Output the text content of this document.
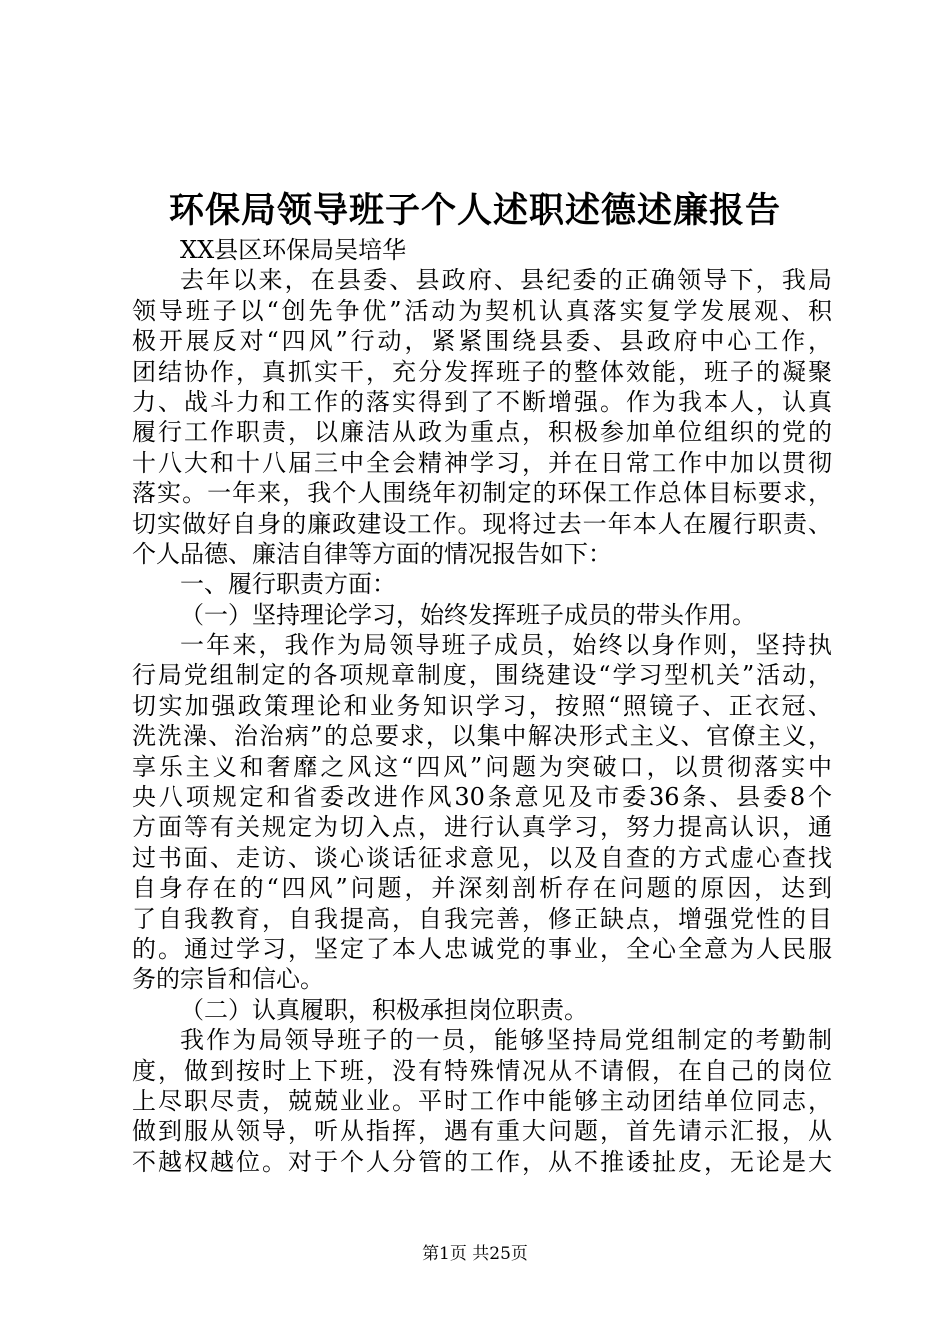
环保局领导班子个人述职述德述廉报告
XX县区环保局吴培华
去年以来，在县委、县政府、县纪委的正确领导下，我局
领导班子以“创先争优”活动为契机认真落实复学发展观、积
极开展反对“四风”行动，紧紧围绕县委、县政府中心工作，
团结协作，真抓实干，充分发挥班子的整体效能，班子的凝聚
力、战斗力和工作的落实得到了不断增强。作为我本人，认真
履行工作职责，以廉洁从政为重点，积极参加单位组织的党的
十八大和十八届三中全会精神学习，并在日常工作中加以贯彻
落实。一年来，我个人围绕年初制定的环保工作总体目标要求，
切实做好自身的廉政建设工作。现将过去一年本人在履行职责、
个人品德、廉洁自律等方面的情况报告如下：
一、履行职责方面：
（一）坚持理论学习，始终发挥班子成员的带头作用。
一年来，我作为局领导班子成员，始终以身作则，坚持执
行局党组制定的各项规章制度，围绕建设“学习型机关”活动，
切实加强政策理论和业务知识学习，按照“照镜子、正衣冠、
洗洗澡、治治病”的总要求，以集中解决形式主义、官僚主义，
享乐主义和奢靡之风这“四风”问题为突破口，以贯彻落实中
央八项规定和省委改进作风30条意见及市委36条、县委8个
方面等有关规定为切入点，进行认真学习，努力提高认识，通
过书面、走访、谈心谈话征求意见，以及自查的方式虚心查找
自身存在的“四风”问题，并深刻剖析存在问题的原因，达到
了自我教育，自我提高，自我完善，修正缺点，增强党性的目
的。通过学习，坚定了本人忠诚党的事业，全心全意为人民服
务的宗旨和信心。
（二）认真履职，积极承担岗位职责。
我作为局领导班子的一员，能够坚持局党组制定的考勤制
度，做到按时上下班，没有特殊情况从不请假，在自己的岗位
上尽职尽责，兢兢业业。平时工作中能够主动团结单位同志，
做到服从领导，听从指挥，遇有重大问题，首先请示汇报，从
不越权越位。对于个人分管的工作，从不推诿扯皮，无论是大
第1页 共25页
